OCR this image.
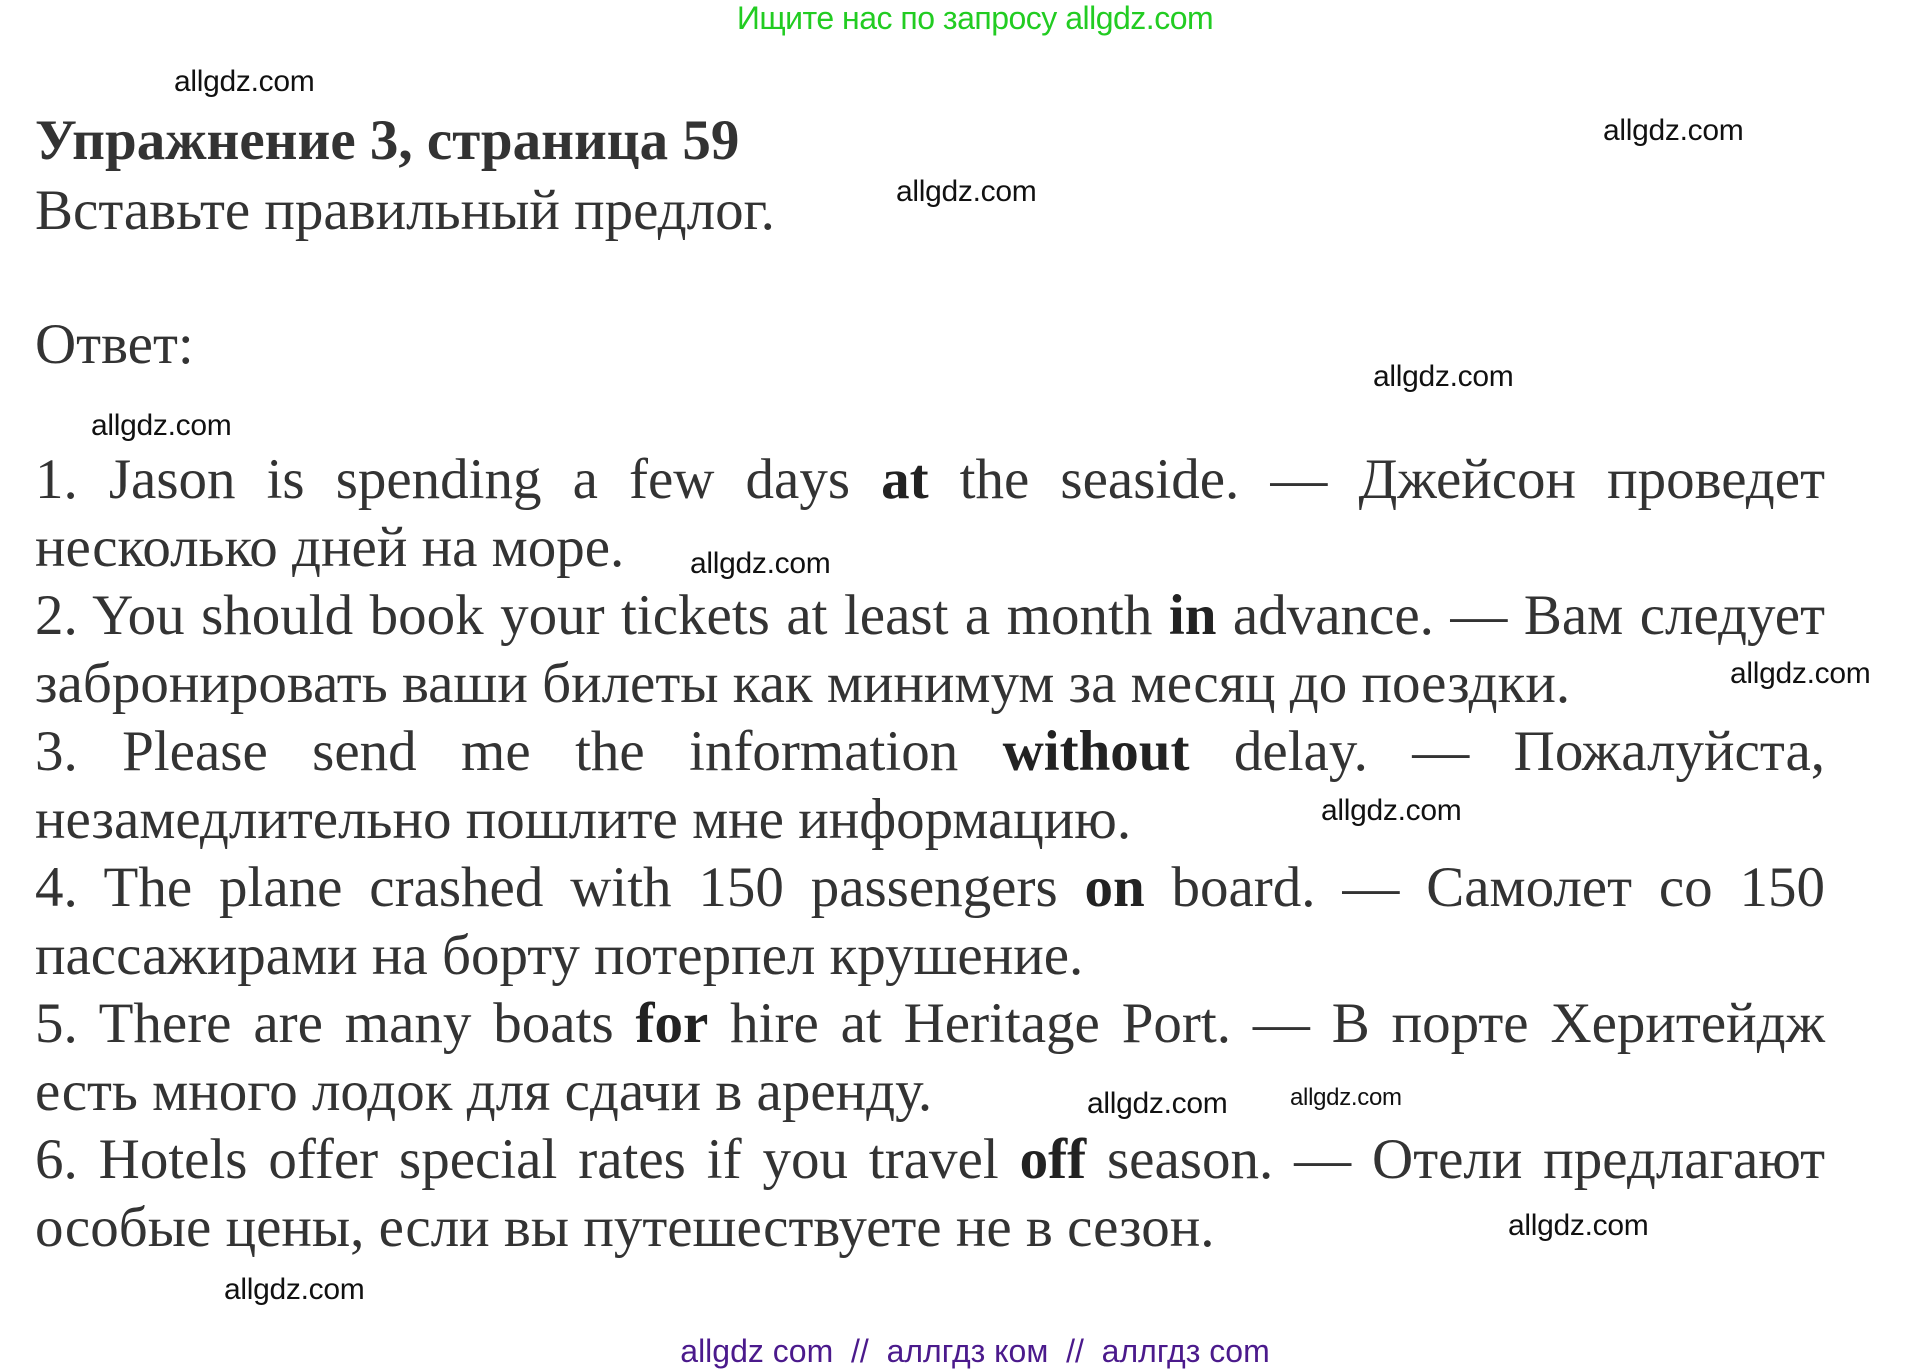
Ищите нас по запросу allgdz.com
Упражнение 3, страница 59
Вставьте правильный предлог.
Ответ:

1. Jason is spending a few days at the seaside. — Джейсон проведет несколько дней на море.

2. You should book your tickets at least a month in advance. — Вам следует забронировать ваши билеты как минимум за месяц до поездки.

3. Please send me the information without delay. — Пожалуйста, незамедлительно пошлите мне информацию.

4. The plane crashed with 150 passengers on board. — Самолет со 150 пассажирами на борту потерпел крушение.

5. There are many boats for hire at Heritage Port. — В порте Херитейдж есть много лодок для сдачи в аренду.

6. Hotels offer special rates if you travel off season. — Отели предлагают особые цены, если вы путешествуете не в сезон.

allgdz.com
allgdz.com
allgdz.com
allgdz.com
allgdz.com
allgdz.com
allgdz.com
allgdz.com
allgdz.com
allgdz.com
allgdz.com
allgdz.com
allgdz com  //  аллгдз ком  //  аллгдз com
